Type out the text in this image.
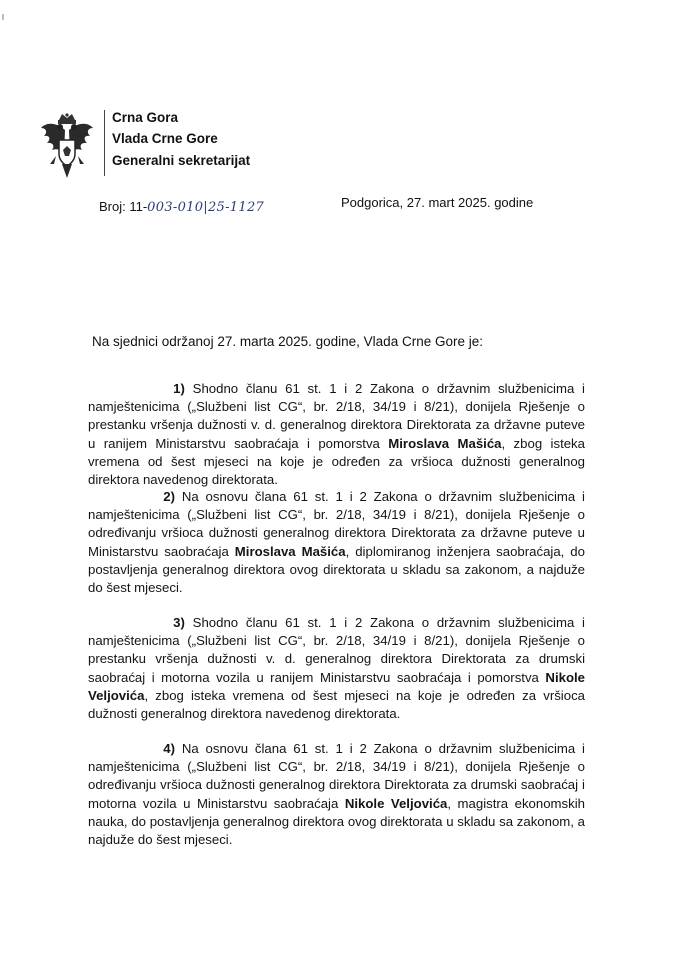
Crna Gora
Vlada Crne Gore
Generalni sekretarijat
Broj: 11-003-010|25-1127	Podgorica, 27. mart 2025. godine
Na sjednici održanoj 27. marta 2025. godine, Vlada Crne Gore je:

1) Shodno članu 61 st. 1 i 2 Zakona o državnim službenicima i namještenicima („Službeni list CG“, br. 2/18, 34/19 i 8/21), donijela Rješenje o prestanku vršenja dužnosti v. d. generalnog direktora Direktorata za državne puteve u ranijem Ministarstvu saobraćaja i pomorstva Miroslava Mašića, zbog isteka vremena od šest mjeseci na koje je određen za vršioca dužnosti generalnog direktora navedenog direktorata.

2) Na osnovu člana 61 st. 1 i 2 Zakona o državnim službenicima i namještenicima („Službeni list CG“, br. 2/18, 34/19 i 8/21), donijela Rješenje o određivanju vršioca dužnosti generalnog direktora Direktorata za državne puteve u Ministarstvu saobraćaja Miroslava Mašića, diplomiranog inženjera saobraćaja, do postavljenja generalnog direktora ovog direktorata u skladu sa zakonom, a najduže do šest mjeseci.

3) Shodno članu 61 st. 1 i 2 Zakona o državnim službenicima i namještenicima („Službeni list CG“, br. 2/18, 34/19 i 8/21), donijela Rješenje o prestanku vršenja dužnosti v. d. generalnog direktora Direktorata za drumski saobraćaj i motorna vozila u ranijem Ministarstvu saobraćaja i pomorstva Nikole Veljovića, zbog isteka vremena od šest mjeseci na koje je određen za vršioca dužnosti generalnog direktora navedenog direktorata.

4) Na osnovu člana 61 st. 1 i 2 Zakona o državnim službenicima i namještenicima („Službeni list CG“, br. 2/18, 34/19 i 8/21), donijela Rješenje o određivanju vršioca dužnosti generalnog direktora Direktorata za drumski saobraćaj i motorna vozila u Ministarstvu saobraćaja Nikole Veljovića, magistra ekonomskih nauka, do postavljenja generalnog direktora ovog direktorata u skladu sa zakonom, a najduže do šest mjeseci.
